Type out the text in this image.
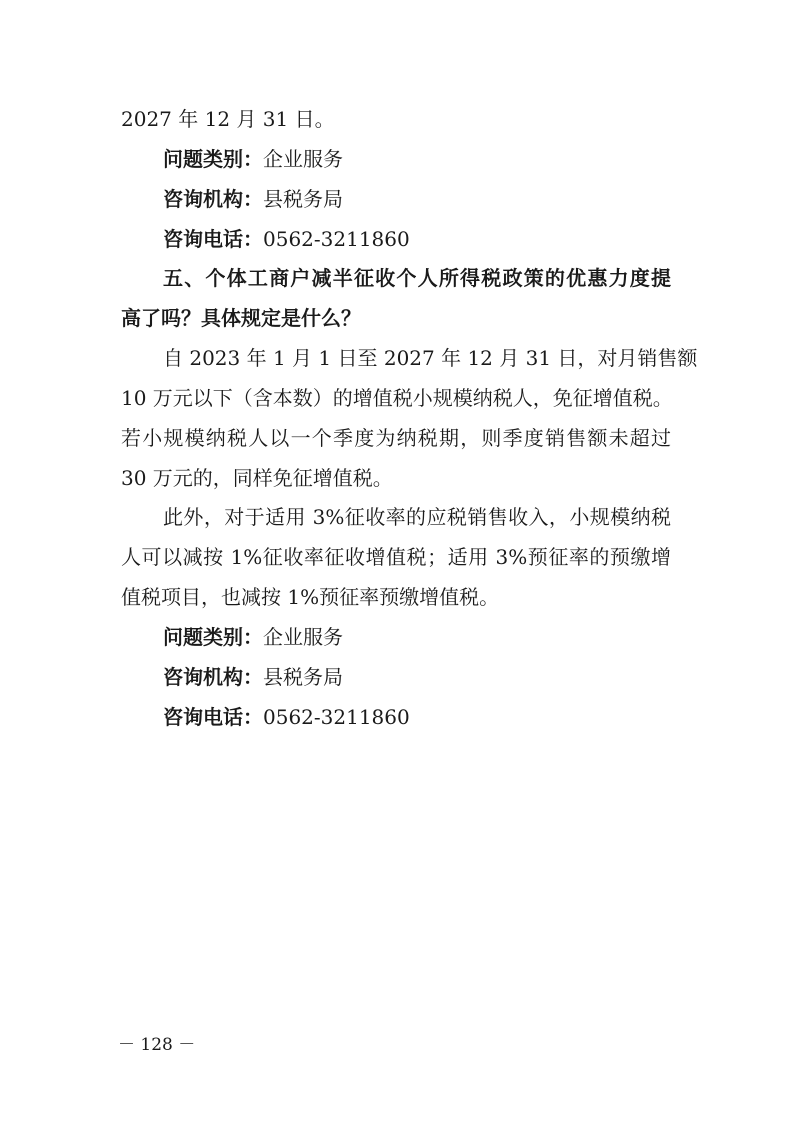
2027 年 12 月 31 日。
问题类别：企业服务
咨询机构：县税务局
咨询电话：0562-3211860
五、个体工商户减半征收个人所得税政策的优惠力度提
高了吗？具体规定是什么？
自 2023 年 1 月 1 日至 2027 年 12 月 31 日，对月销售额
10 万元以下（含本数）的增值税小规模纳税人，免征增值税。
若小规模纳税人以一个季度为纳税期，则季度销售额未超过
30 万元的，同样免征增值税。
此外，对于适用 3%征收率的应税销售收入，小规模纳税
人可以减按 1%征收率征收增值税；适用 3%预征率的预缴增
值税项目，也减按 1%预征率预缴增值税。
问题类别：企业服务
咨询机构：县税务局
咨询电话：0562-3211860
－ 128 －
